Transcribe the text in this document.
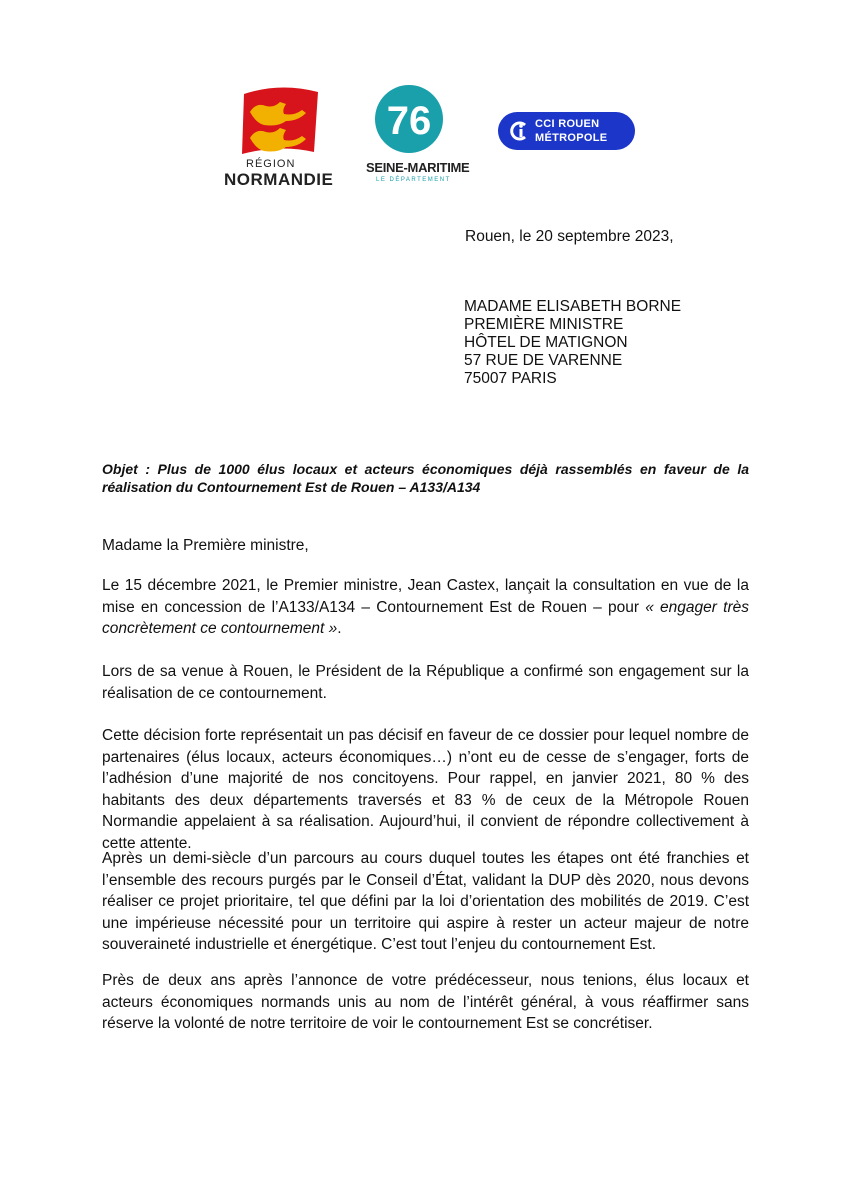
RÉGION
NORMANDIE
76
SEINE-MARITIME
LE DÉPARTEMENT
CCI ROUEN
MÉTROPOLE
Rouen, le 20 septembre 2023,
MADAME ELISABETH BORNE
PREMIÈRE MINISTRE
HÔTEL DE MATIGNON
57 RUE DE VARENNE
75007 PARIS
Objet : Plus de 1000 élus locaux et acteurs économiques déjà rassemblés en faveur de la réalisation du Contournement Est de Rouen – A133/A134
Madame la Première ministre,
Le 15 décembre 2021, le Premier ministre, Jean Castex, lançait la consultation en vue de la mise en concession de l’A133/A134 – Contournement Est de Rouen – pour « engager très concrètement ce contournement ».
Lors de sa venue à Rouen, le Président de la République a confirmé son engagement sur la réalisation de ce contournement.
Cette décision forte représentait un pas décisif en faveur de ce dossier pour lequel nombre de partenaires (élus locaux, acteurs économiques…) n’ont eu de cesse de s’engager, forts de l’adhésion d’une majorité de nos concitoyens. Pour rappel, en janvier 2021, 80 % des habitants des deux départements traversés et 83 % de ceux de la Métropole Rouen Normandie appelaient à sa réalisation. Aujourd’hui, il convient de répondre collectivement à cette attente.
Après un demi-siècle d’un parcours au cours duquel toutes les étapes ont été franchies et l’ensemble des recours purgés par le Conseil d’État, validant la DUP dès 2020, nous devons réaliser ce projet prioritaire, tel que défini par la loi d’orientation des mobilités de 2019. C’est une impérieuse nécessité pour un territoire qui aspire à rester un acteur majeur de notre souveraineté industrielle et énergétique. C’est tout l’enjeu du contournement Est.
Près de deux ans après l’annonce de votre prédécesseur, nous tenions, élus locaux et acteurs économiques normands unis au nom de l’intérêt général, à vous réaffirmer sans réserve la volonté de notre territoire de voir le contournement Est se concrétiser.
